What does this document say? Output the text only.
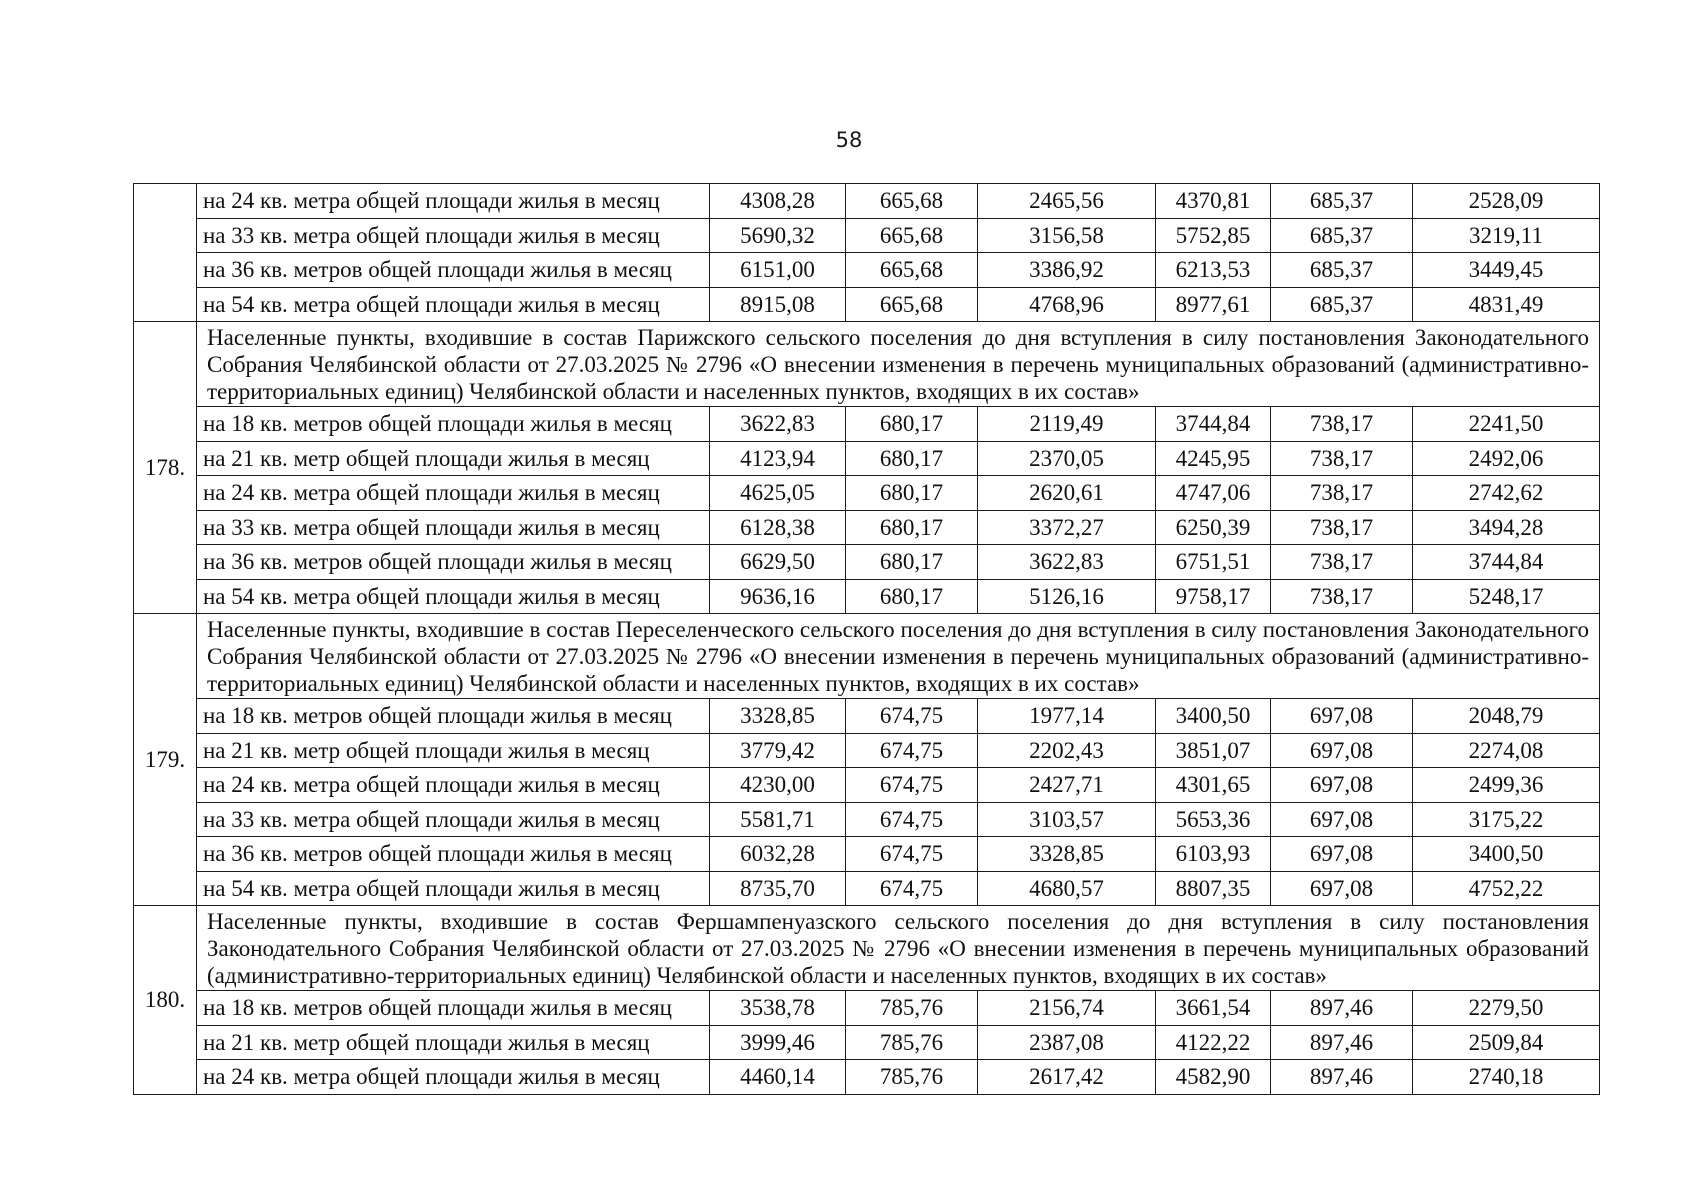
58
	на 24 кв. метра общей площади жилья в месяц	4308,28	665,68	2465,56	4370,81	685,37	2528,09
	на 33 кв. метра общей площади жилья в месяц	5690,32	665,68	3156,58	5752,85	685,37	3219,11
	на 36 кв. метров общей площади жилья в месяц	6151,00	665,68	3386,92	6213,53	685,37	3449,45
	на 54 кв. метра общей площади жилья в месяц	8915,08	665,68	4768,96	8977,61	685,37	4831,49
178.	Населенные пункты, входившие в состав Парижского сельского поселения до дня вступления в силу постановления Законодательного Собрания Челябинской области от 27.03.2025 № 2796 «О внесении изменения в перечень муниципальных образований (административно-территориальных единиц) Челябинской области и населенных пунктов, входящих в их состав»						
	на 18 кв. метров общей площади жилья в месяц	3622,83	680,17	2119,49	3744,84	738,17	2241,50
	на 21 кв. метр общей площади жилья в месяц	4123,94	680,17	2370,05	4245,95	738,17	2492,06
	на 24 кв. метра общей площади жилья в месяц	4625,05	680,17	2620,61	4747,06	738,17	2742,62
	на 33 кв. метра общей площади жилья в месяц	6128,38	680,17	3372,27	6250,39	738,17	3494,28
	на 36 кв. метров общей площади жилья в месяц	6629,50	680,17	3622,83	6751,51	738,17	3744,84
	на 54 кв. метра общей площади жилья в месяц	9636,16	680,17	5126,16	9758,17	738,17	5248,17
179.	Населенные пункты, входившие в состав Переселенческого сельского поселения до дня вступления в силу постановления Законодательного Собрания Челябинской области от 27.03.2025 № 2796 «О внесении изменения в перечень муниципальных образований (административно-территориальных единиц) Челябинской области и населенных пунктов, входящих в их состав»						
	на 18 кв. метров общей площади жилья в месяц	3328,85	674,75	1977,14	3400,50	697,08	2048,79
	на 21 кв. метр общей площади жилья в месяц	3779,42	674,75	2202,43	3851,07	697,08	2274,08
	на 24 кв. метра общей площади жилья в месяц	4230,00	674,75	2427,71	4301,65	697,08	2499,36
	на 33 кв. метра общей площади жилья в месяц	5581,71	674,75	3103,57	5653,36	697,08	3175,22
	на 36 кв. метров общей площади жилья в месяц	6032,28	674,75	3328,85	6103,93	697,08	3400,50
	на 54 кв. метра общей площади жилья в месяц	8735,70	674,75	4680,57	8807,35	697,08	4752,22
180.	Населенные пункты, входившие в состав Фершампенуазского сельского поселения до дня вступления в силу постановления Законодательного Собрания Челябинской области от 27.03.2025 № 2796 «О внесении изменения в перечень муниципальных образований (административно-территориальных единиц) Челябинской области и населенных пунктов, входящих в их состав»						
	на 18 кв. метров общей площади жилья в месяц	3538,78	785,76	2156,74	3661,54	897,46	2279,50
	на 21 кв. метр общей площади жилья в месяц	3999,46	785,76	2387,08	4122,22	897,46	2509,84
	на 24 кв. метра общей площади жилья в месяц	4460,14	785,76	2617,42	4582,90	897,46	2740,18
